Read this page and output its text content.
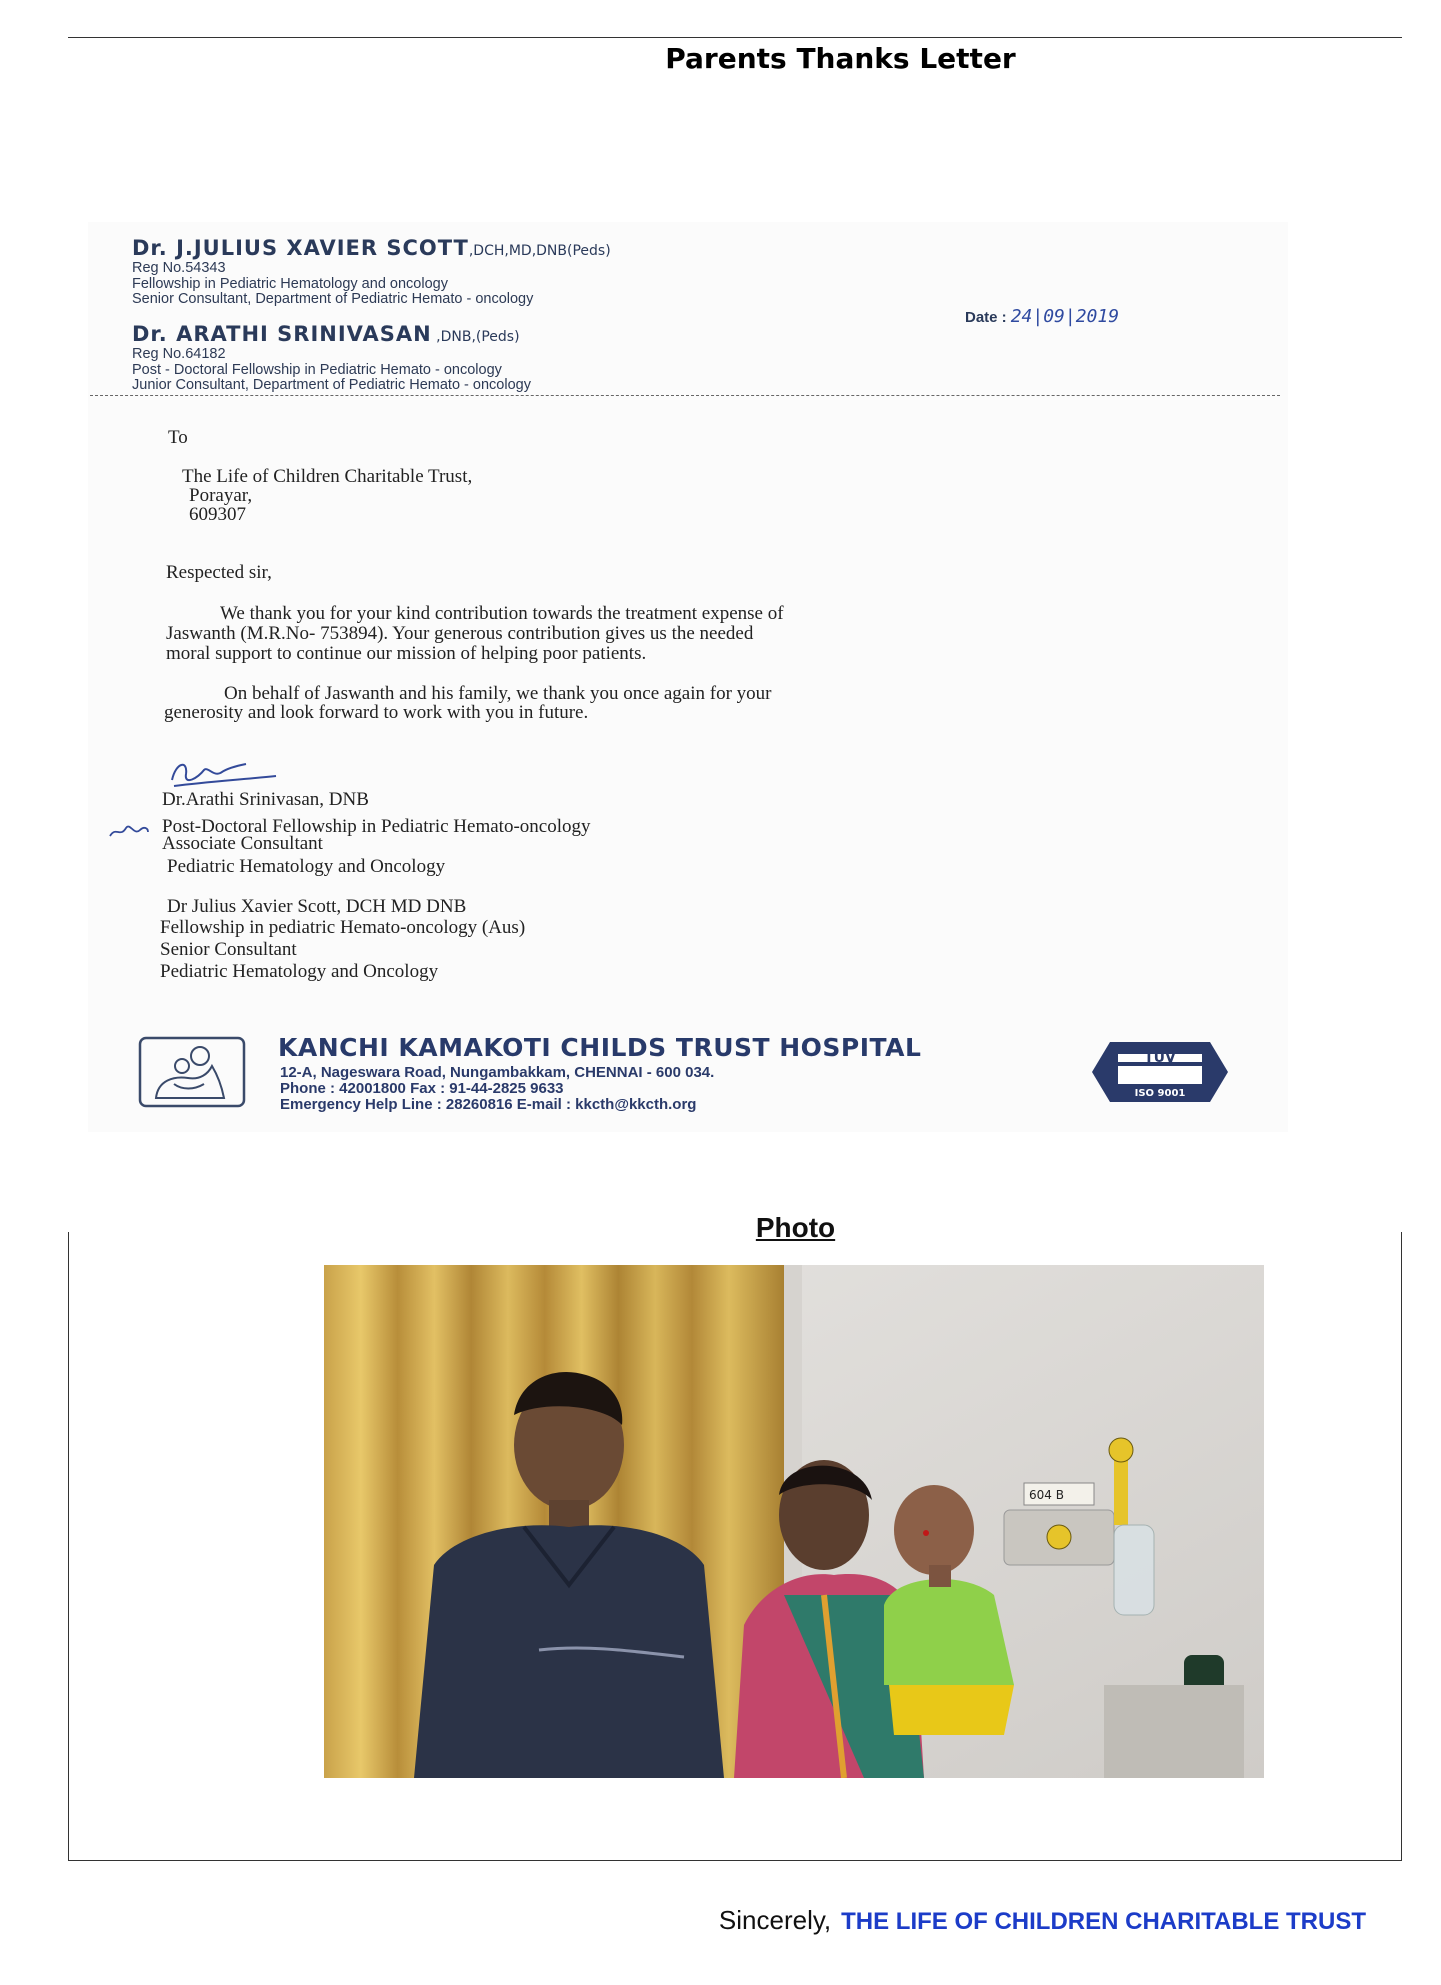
Parents Thanks Letter
Dr. J.JULIUS XAVIER SCOTT,DCH,MD,DNB(Peds)
Reg No.54343
Fellowship in Pediatric Hematology and oncology
Senior Consultant, Department of Pediatric Hemato - oncology
Dr. ARATHI SRINIVASAN ,DNB,(Peds)
Reg No.64182
Post - Doctoral Fellowship in Pediatric Hemato - oncology
Junior Consultant, Department of Pediatric Hemato - oncology
Date : 24|09|2019
To
The Life of Children Charitable Trust,
Porayar,
609307
Respected sir,
We thank you for your kind contribution towards the treatment expense of
Jaswanth (M.R.No- 753894). Your generous contribution gives us the needed
moral support to continue our mission of helping poor patients.
On behalf of Jaswanth and his family, we thank you once again for your
generosity and look forward to work with you in future.
Dr.Arathi Srinivasan, DNB
Post-Doctoral Fellowship in Pediatric Hemato-oncology
Associate Consultant
Pediatric Hematology and Oncology
Dr Julius Xavier Scott, DCH MD DNB
Fellowship in pediatric Hemato-oncology (Aus)
Senior Consultant
Pediatric Hematology and Oncology
KANCHI KAMAKOTI CHILDS TRUST HOSPITAL
12-A, Nageswara Road, Nungambakkam, CHENNAI - 600 034.
Phone : 42001800 Fax : 91-44-2825 9633
Emergency Help Line : 28260816 E-mail : kkcth@kkcth.org
TUV
ISO 9001
Photo
604 B
Sincerely, THE LIFE OF CHILDREN CHARITABLE TRUST
